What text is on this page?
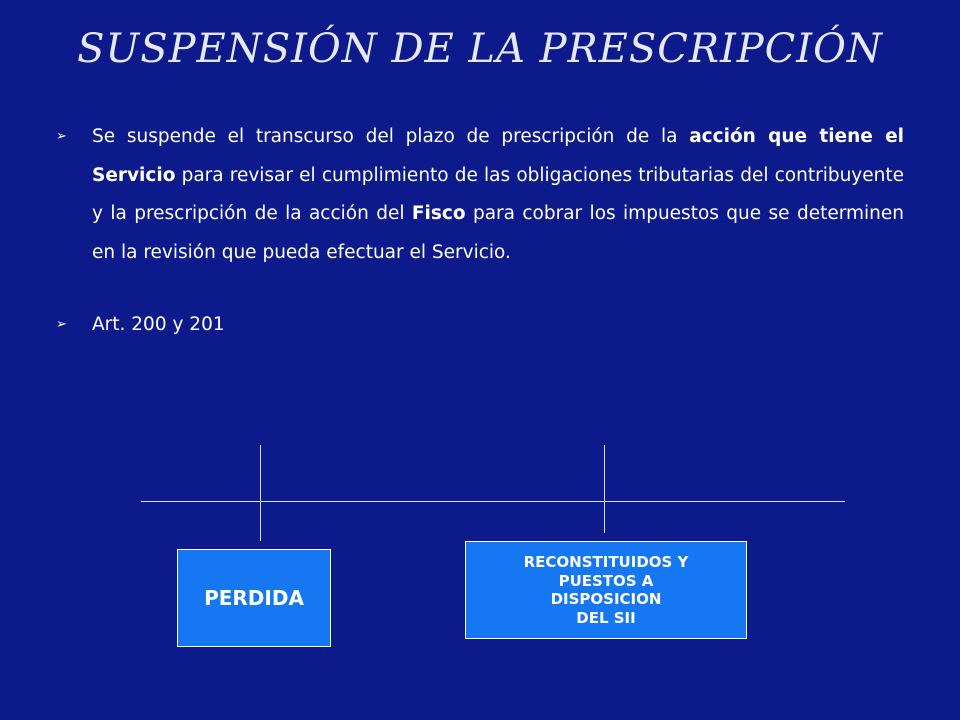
SUSPENSIÓN DE LA PRESCRIPCIÓN
➢	Se suspende el transcurso del plazo de prescripción de la acción que tiene el Servicio para revisar el cumplimiento de las obligaciones tributarias del contribuyente y la prescripción de la acción del Fisco para cobrar los impuestos que se determinen en la revisión que pueda efectuar el Servicio.
➢	Art. 200 y 201
PERDIDA
RECONSTITUIDOS Y
PUESTOS A
DISPOSICION
DEL SII
